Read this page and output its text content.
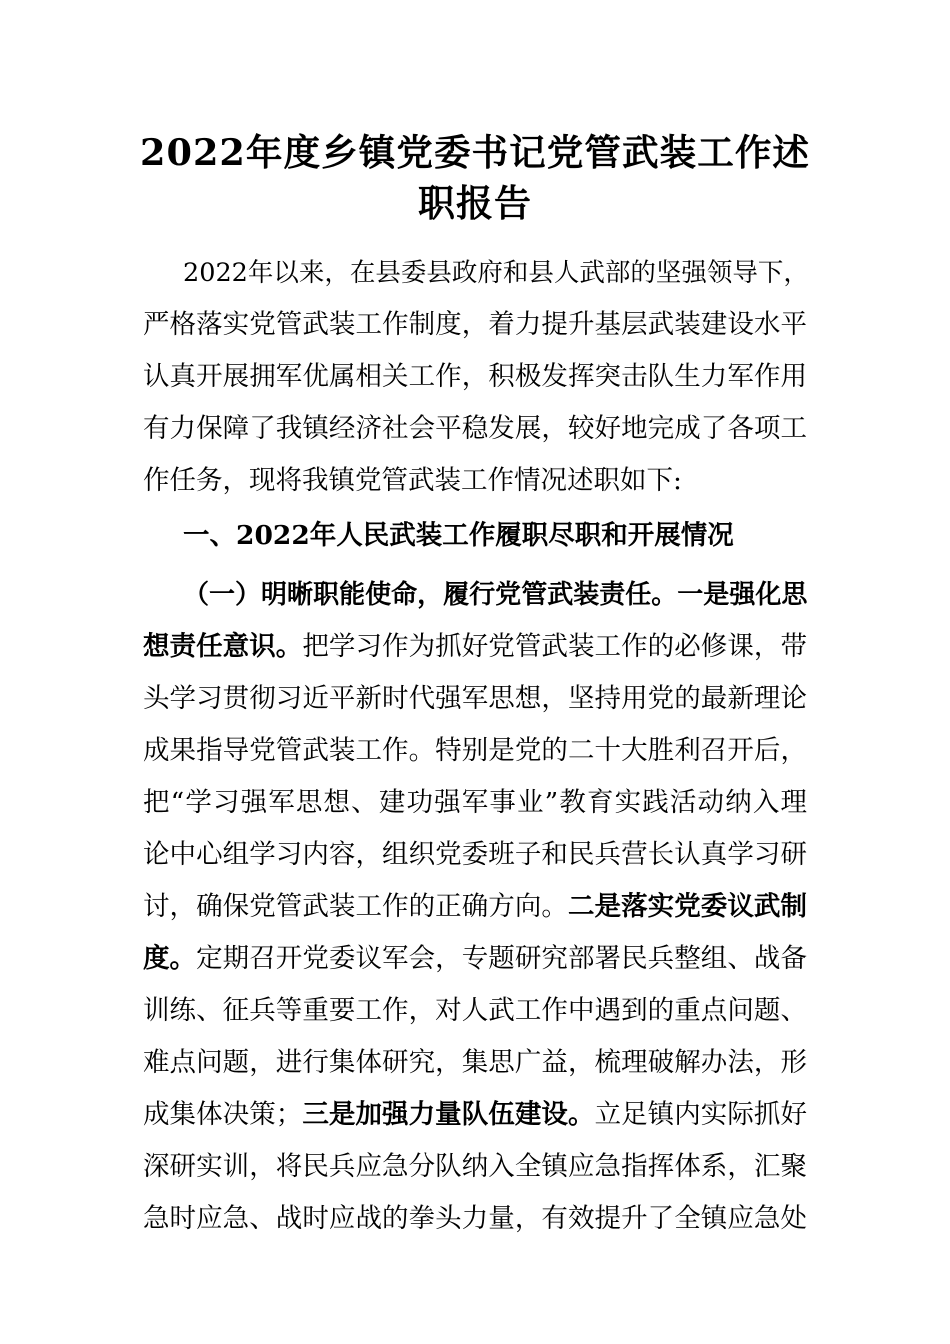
2022年度乡镇党委书记党管武装工作述
职报告
2022年以来，在县委县政府和县人武部的坚强领导下，
严格落实党管武装工作制度，着力提升基层武装建设水平
认真开展拥军优属相关工作，积极发挥突击队生力军作用
有力保障了我镇经济社会平稳发展，较好地完成了各项工
作任务，现将我镇党管武装工作情况述职如下:
一、2022年人民武装工作履职尽职和开展情况
（一）明晰职能使命，履行党管武装责任。一是强化思
想责任意识。把学习作为抓好党管武装工作的必修课，带
头学习贯彻习近平新时代强军思想，坚持用党的最新理论
成果指导党管武装工作。特别是党的二十大胜利召开后，
把“学习强军思想、建功强军事业”教育实践活动纳入理
论中心组学习内容，组织党委班子和民兵营长认真学习研
讨，确保党管武装工作的正确方向。二是落实党委议武制
度。定期召开党委议军会，专题研究部署民兵整组、战备
训练、征兵等重要工作，对人武工作中遇到的重点问题、
难点问题，进行集体研究，集思广益，梳理破解办法，形
成集体决策；三是加强力量队伍建设。立足镇内实际抓好
深研实训，将民兵应急分队纳入全镇应急指挥体系，汇聚
急时应急、战时应战的拳头力量，有效提升了全镇应急处
